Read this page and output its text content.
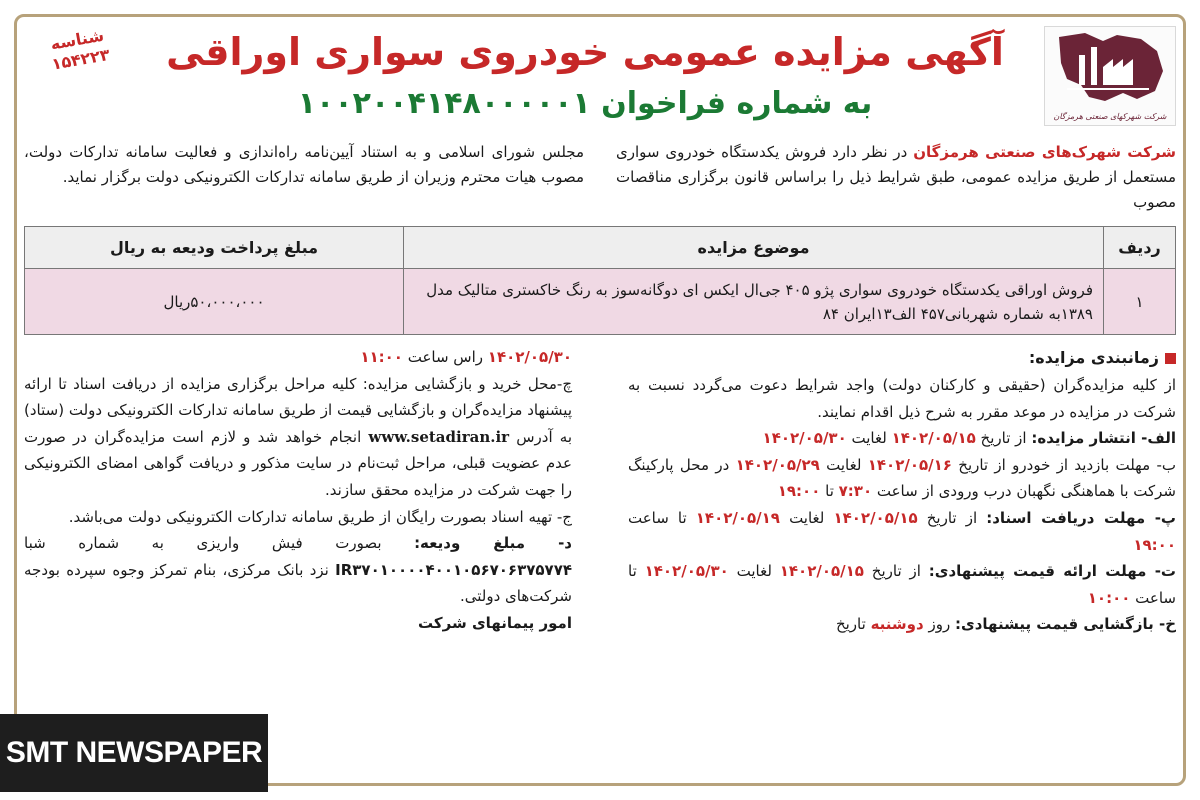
شرکت شهرکهای صنعتی هرمزگان
شناسه ۱۵۴۲۲۳	آگهی مزایده عمومی خودروی سواری اوراقی
به شماره فراخوان ۱۰۰۲۰۰۴۱۴۸۰۰۰۰۰۱

شرکت شهرک‌های صنعتی هرمزگان در نظر دارد فروش یکدستگاه خودروی سواری مستعمل از طریق مزایده عمومی، طبق شرایط ذیل را براساس قانون برگزاری مناقصات مصوب

مجلس شورای اسلامی و به استناد آیین‌نامه راه‌اندازی و فعالیت سامانه تدارکات دولت، مصوب هیات محترم وزیران از طریق سامانه تدارکات الکترونیکی دولت برگزار نماید.

ردیف	موضوع مزایده	مبلغ پرداخت ودیعه به ریال
۱	فروش اوراقی یکدستگاه خودروی سواری پژو ۴۰۵ جی‌ال ایکس ای دوگانه‌سوز به رنگ خاکستری متالیک مدل ۱۳۸۹به شماره شهربانی۴۵۷ الف۱۳ایران ۸۴	۵۰،۰۰۰،۰۰۰ریال
زمانبندی مزایده:

از کلیه مزایده‌گران (حقیقی و کارکنان دولت) واجد شرایط دعوت می‌گردد نسبت به شرکت در مزایده در موعد مقرر به شرح ذیل اقدام نمایند.

الف- انتشار مزایده: از تاریخ ۱۴۰۲/۰۵/۱۵ لغایت ۱۴۰۲/۰۵/۳۰

ب- مهلت بازدید از خودرو از تاریخ ۱۴۰۲/۰۵/۱۶ لغایت ۱۴۰۲/۰۵/۲۹ در محل پارکینگ شرکت با هماهنگی نگهبان درب ورودی از ساعت ۷:۳۰ تا ۱۹:۰۰

پ- مهلت دریافت اسناد: از تاریخ ۱۴۰۲/۰۵/۱۵ لغایت ۱۴۰۲/۰۵/۱۹ تا ساعت ۱۹:۰۰

ت- مهلت ارائه قیمت پیشنهادی: از تاریخ ۱۴۰۲/۰۵/۱۵ لغایت ۱۴۰۲/۰۵/۳۰ تا ساعت ۱۰:۰۰

خ- بازگشایی قیمت پیشنهادی: روز دوشنبه تاریخ

۱۴۰۲/۰۵/۳۰ راس ساعت ۱۱:۰۰

چ-محل خرید و بازگشایی مزایده: کلیه مراحل برگزاری مزایده از دریافت اسناد تا ارائه پیشنهاد مزایده‌گران و بازگشایی قیمت از طریق سامانه تدارکات الکترونیکی دولت (ستاد) به آدرس www.setadiran.ir انجام خواهد شد و لازم است مزایده‌گران در صورت عدم عضویت قبلی، مراحل ثبت‌نام در سایت مذکور و دریافت گواهی امضای الکترونیکی را جهت شرکت در مزایده محقق سازند.

ج- تهیه اسناد بصورت رایگان از طریق سامانه تدارکات الکترونیکی دولت می‌باشد.

د- مبلغ ودیعه: بصورت فیش واریزی به شماره شبا IR۳۷۰۱۰۰۰۰۴۰۰۱۰۵۶۷۰۶۳۷۵۷۷۴ نزد بانک مرکزی، بنام تمرکز وجوه سپرده بودجه شرکت‌های دولتی.

امور پیمانهای شرکت
SMT NEWSPAPER
